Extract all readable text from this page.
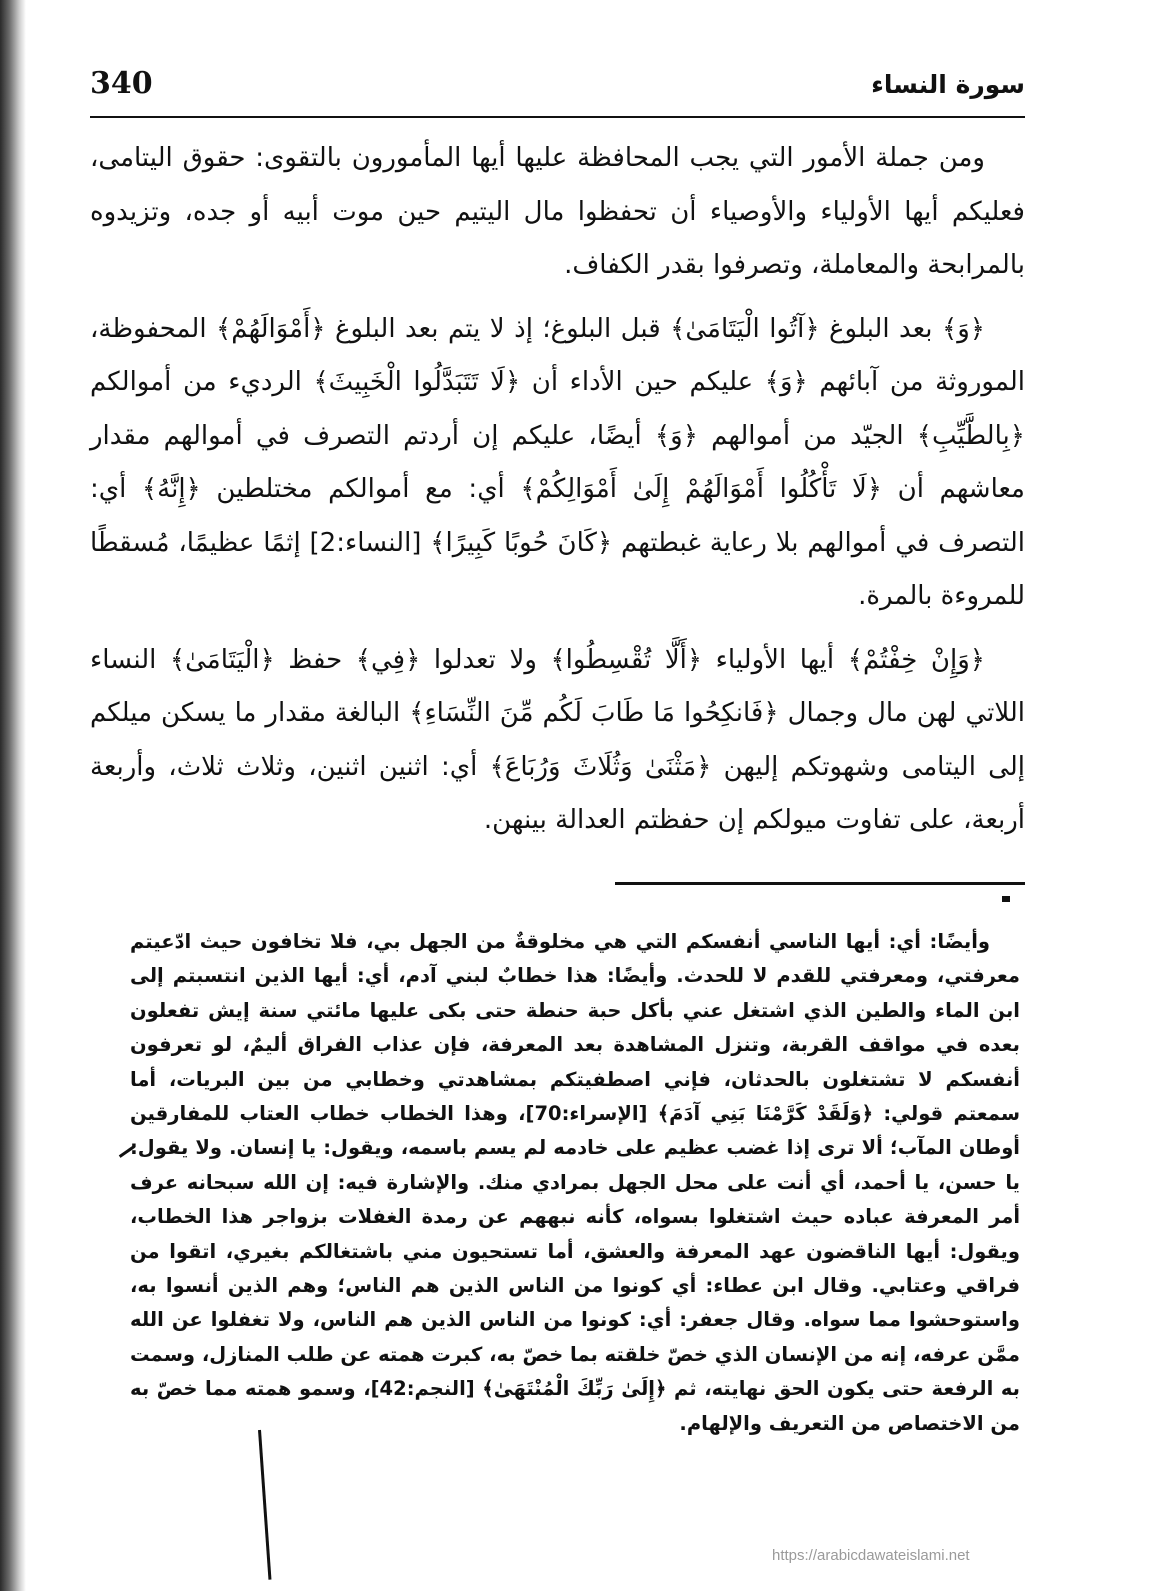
340	سورة النساء

ومن جملة الأمور التي يجب المحافظة عليها أيها المأمورون بالتقوى: حقوق اليتامى، فعليكم أيها الأولياء والأوصياء أن تحفظوا مال اليتيم حين موت أبيه أو جده، وتزيدوه بالمرابحة والمعاملة، وتصرفوا بقدر الكفاف.

﴿وَ﴾ بعد البلوغ ﴿آتُوا الْيَتَامَىٰ﴾ قبل البلوغ؛ إذ لا يتم بعد البلوغ ﴿أَمْوَالَهُمْ﴾ المحفوظة، الموروثة من آبائهم ﴿وَ﴾ عليكم حين الأداء أن ﴿لَا تَتَبَدَّلُوا الْخَبِيثَ﴾ الرديء من أموالكم ﴿بِالطَّيِّبِ﴾ الجيّد من أموالهم ﴿وَ﴾ أيضًا، عليكم إن أردتم التصرف في أموالهم مقدار معاشهم أن ﴿لَا تَأْكُلُوا أَمْوَالَهُمْ إِلَىٰ أَمْوَالِكُمْ﴾ أي: مع أموالكم مختلطين ﴿إِنَّهُ﴾ أي: التصرف في أموالهم بلا رعاية غبطتهم ﴿كَانَ حُوبًا كَبِيرًا﴾ [النساء:2] إثمًا عظيمًا، مُسقطًا للمروءة بالمرة.

﴿وَإِنْ خِفْتُمْ﴾ أيها الأولياء ﴿أَلَّا تُقْسِطُوا﴾ ولا تعدلوا ﴿فِي﴾ حفظ ﴿الْيَتَامَىٰ﴾ النساء اللاتي لهن مال وجمال ﴿فَانكِحُوا مَا طَابَ لَكُم مِّنَ النِّسَاءِ﴾ البالغة مقدار ما يسكن ميلكم إلى اليتامى وشهوتكم إليهن ﴿مَثْنَىٰ وَثُلَاثَ وَرُبَاعَ﴾ أي: اثنين اثنين، وثلاث ثلاث، وأربعة أربعة، على تفاوت ميولكم إن حفظتم العدالة بينهن.

وأيضًا: أي: أيها الناسي أنفسكم التي هي مخلوقةٌ من الجهل بي، فلا تخافون حيث ادّعيتم معرفتي، ومعرفتي للقدم لا للحدث. وأيضًا: هذا خطابٌ لبني آدم، أي: أيها الذين انتسبتم إلى ابن الماء والطين الذي اشتغل عني بأكل حبة حنطة حتى بكى عليها مائتي سنة إيش تفعلون بعده في مواقف القربة، وتنزل المشاهدة بعد المعرفة، فإن عذاب الفراق أليمٌ، لو تعرفون أنفسكم لا تشتغلون بالحدثان، فإني اصطفيتكم بمشاهدتي وخطابي من بين البريات، أما سمعتم قولي: ﴿وَلَقَدْ كَرَّمْنَا بَنِي آدَمَ﴾ [الإسراء:70]، وهذا الخطاب خطاب العتاب للمفارقين أوطان المآب؛ ألا ترى إذا غضب عظيم على خادمه لم يسم باسمه، ويقول: يا إنسان. ولا يقول: يا حسن، يا أحمد، أي أنت على محل الجهل بمرادي منك. والإشارة فيه: إن الله سبحانه عرف أمر المعرفة عباده حيث اشتغلوا بسواه، كأنه نبههم عن رمدة الغفلات بزواجر هذا الخطاب، ويقول: أيها الناقضون عهد المعرفة والعشق، أما تستحيون مني باشتغالكم بغيري، اتقوا من فراقي وعتابي. وقال ابن عطاء: أي كونوا من الناس الذين هم الناس؛ وهم الذين أنسوا به، واستوحشوا مما سواه. وقال جعفر: أي: كونوا من الناس الذين هم الناس، ولا تغفلوا عن الله ممَّن عرفه، إنه من الإنسان الذي خصّ خلقته بما خصّ به، كبرت همته عن طلب المنازل، وسمت به الرفعة حتى يكون الحق نهايته، ثم ﴿إِلَىٰ رَبِّكَ الْمُنْتَهَىٰ﴾ [النجم:42]، وسمو همته مما خصّ به من الاختصاص من التعريف والإلهام.

https://arabicdawateislami.net
